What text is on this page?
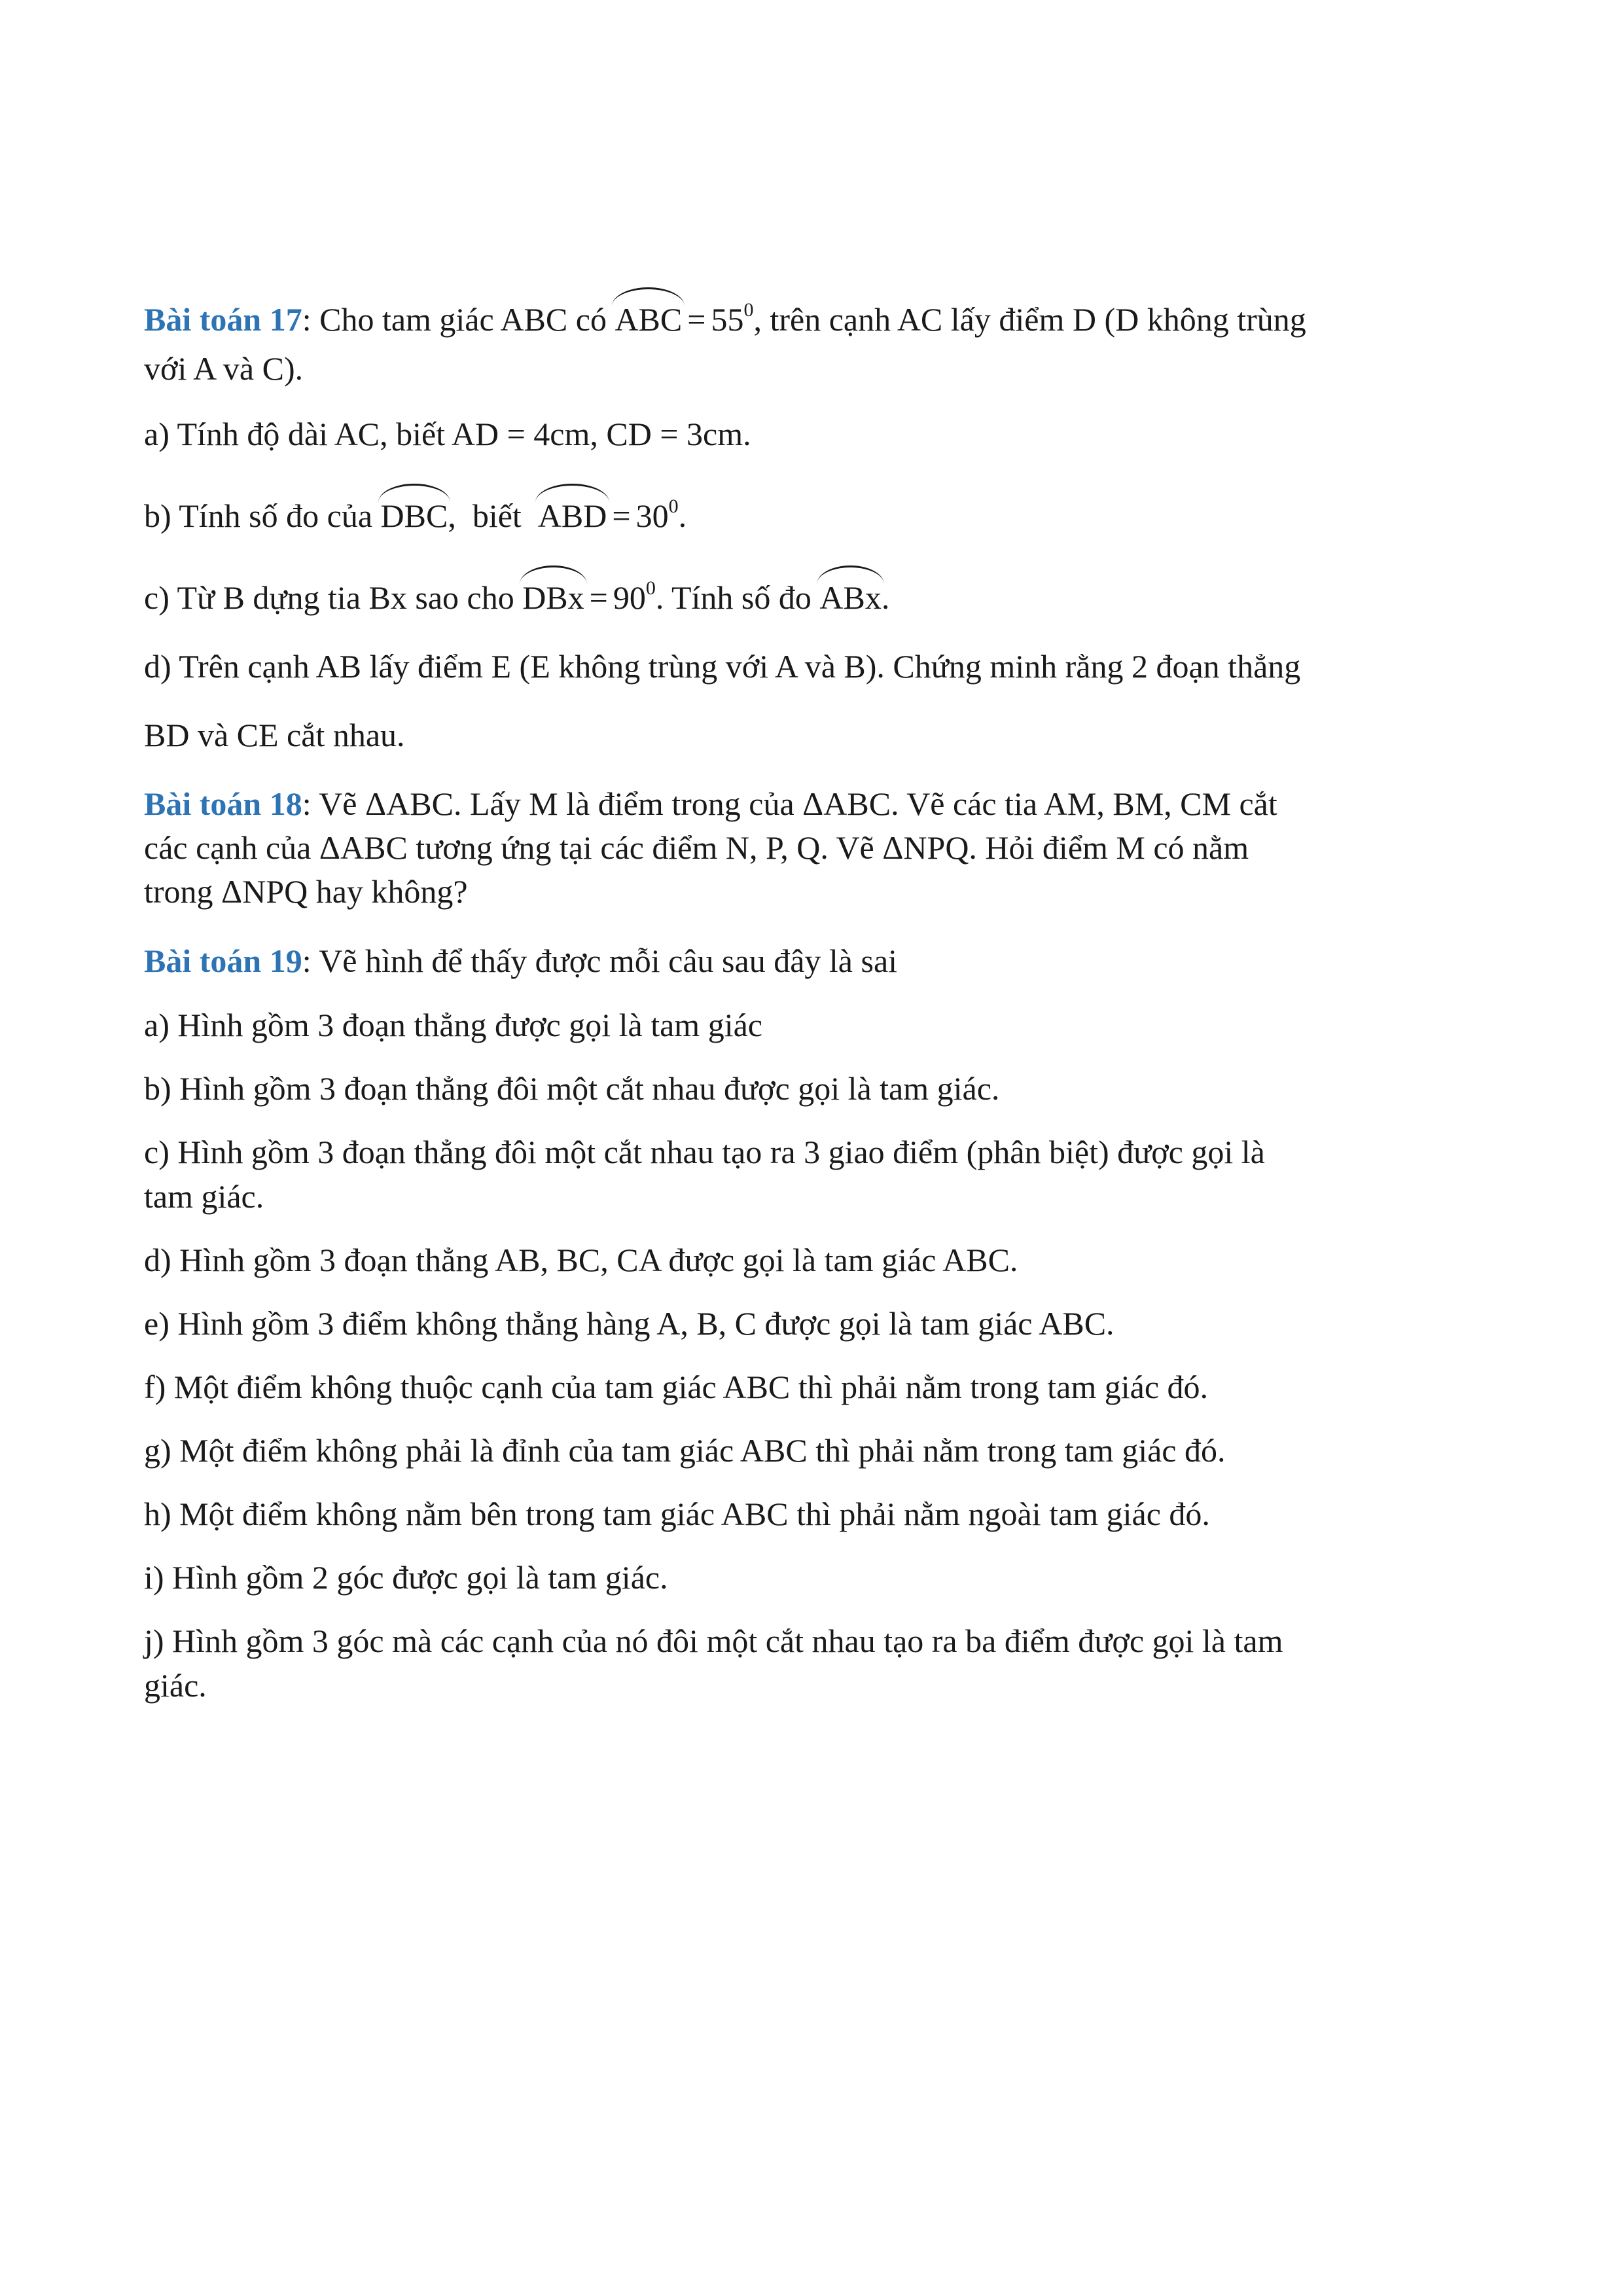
Bài toán 17: Cho tam giác ABC có ABC = $55^0$, trên cạnh AC lấy điểm D (D không trùng
với A và C).
a) Tính độ dài AC, biết AD = 4cm, CD = 3cm.
b) Tính số đo của DBC,  biết  ABD = $30^0$.
c) Từ B dựng tia Bx sao cho DBx = $90^0$. Tính số đo ABx.
d) Trên cạnh AB lấy điểm E (E không trùng với A và B). Chứng minh rằng 2 đoạn thẳng
BD và CE cắt nhau.
Bài toán 18: Vẽ ΔABC. Lấy M là điểm trong của ΔABC. Vẽ các tia AM, BM, CM cắt
các cạnh của ΔABC tương ứng tại các điểm N, P, Q. Vẽ ΔNPQ. Hỏi điểm M có nằm
trong ΔNPQ hay không?
Bài toán 19: Vẽ hình để thấy được mỗi câu sau đây là sai
a) Hình gồm 3 đoạn thẳng được gọi là tam giác
b) Hình gồm 3 đoạn thẳng đôi một cắt nhau được gọi là tam giác.
c) Hình gồm 3 đoạn thẳng đôi một cắt nhau tạo ra 3 giao điểm (phân biệt) được gọi là
tam giác.
d) Hình gồm 3 đoạn thẳng AB, BC, CA được gọi là tam giác ABC.
e) Hình gồm 3 điểm không thẳng hàng A, B, C được gọi là tam giác ABC.
f) Một điểm không thuộc cạnh của tam giác ABC thì phải nằm trong tam giác đó.
g) Một điểm không phải là đỉnh của tam giác ABC thì phải nằm trong tam giác đó.
h) Một điểm không nằm bên trong tam giác ABC thì phải nằm ngoài tam giác đó.
i) Hình gồm 2 góc được gọi là tam giác.
j) Hình gồm 3 góc mà các cạnh của nó đôi một cắt nhau tạo ra ba điểm được gọi là tam
giác.
